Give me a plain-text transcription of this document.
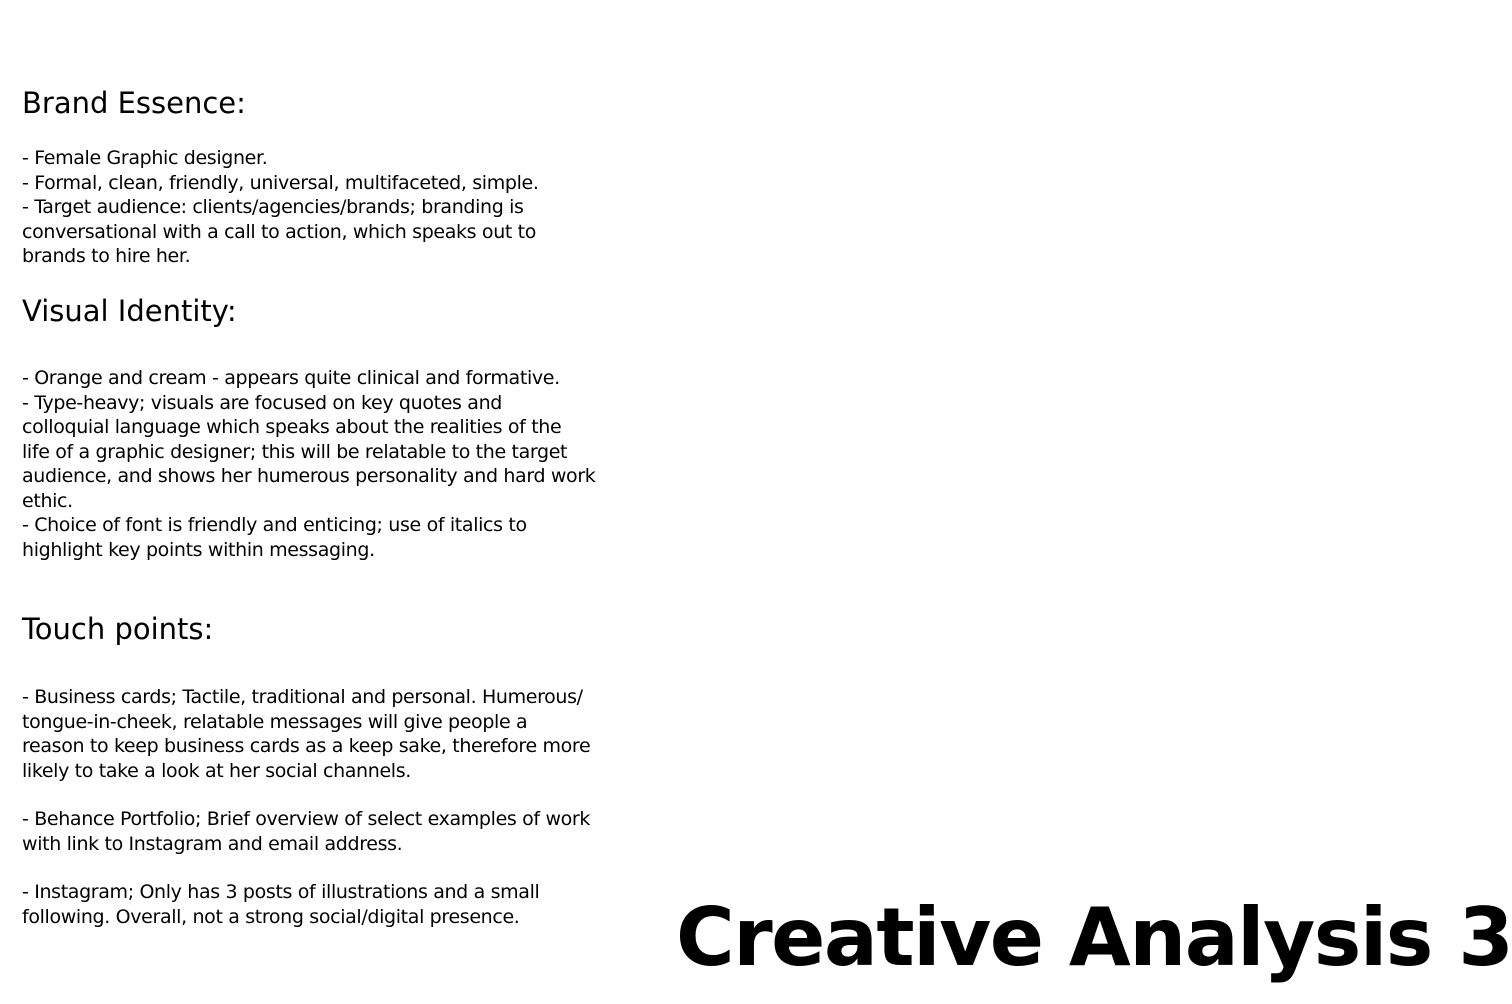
Brand Essence:
- Female Graphic designer.
- Formal, clean, friendly, universal, multifaceted, simple.
- Target audience: clients/agencies/brands; branding is
conversational with a call to action, which speaks out to
brands to hire her.
Visual Identity:
- Orange and cream - appears quite clinical and formative.
- Type-heavy; visuals are focused on key quotes and
colloquial language which speaks about the realities of the
life of a graphic designer; this will be relatable to the target
audience, and shows her humerous personality and hard work
ethic.
- Choice of font is friendly and enticing; use of italics to
highlight key points within messaging.
Touch points:
- Business cards; Tactile, traditional and personal. Humerous/
tongue-in-cheek, relatable messages will give people a
reason to keep business cards as a keep sake, therefore more
likely to take a look at her social channels.
- Behance Portfolio; Brief overview of select examples of work
with link to Instagram and email address.
- Instagram; Only has 3 posts of illustrations and a small
following. Overall, not a strong social/digital presence.	Creative Analysis 3
